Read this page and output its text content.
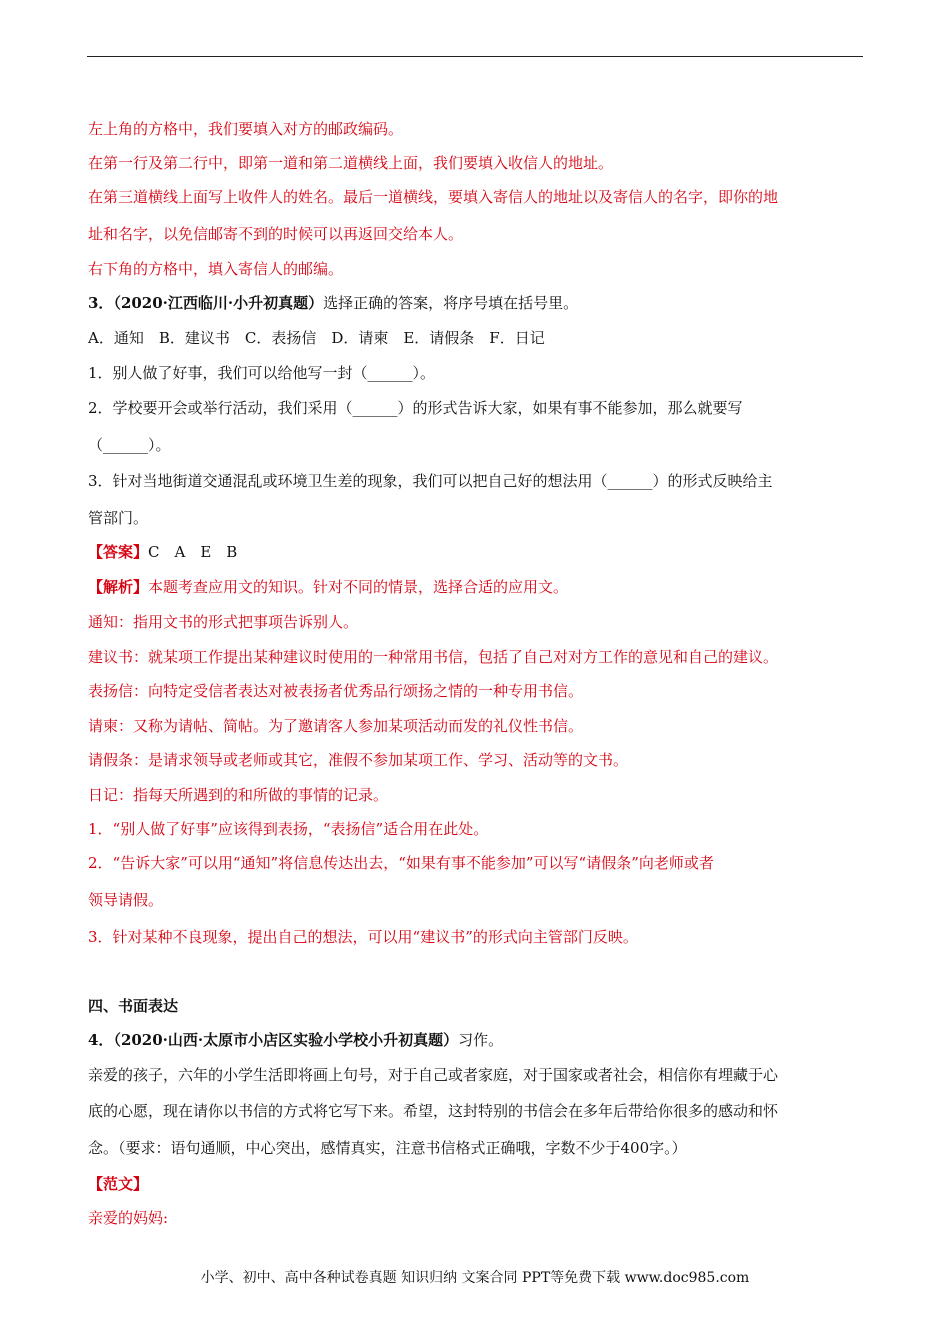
左上角的方格中，我们要填入对方的邮政编码。
在第一行及第二行中，即第一道和第二道横线上面，我们要填入收信人的地址。
在第三道横线上面写上收件人的姓名。最后一道横线，要填入寄信人的地址以及寄信人的名字，即你的地
址和名字，以免信邮寄不到的时候可以再返回交给本人。
右下角的方格中，填入寄信人的邮编。
3．（2020·江西临川·小升初真题）选择正确的答案，将序号填在括号里。
A．通知　B．建议书　C．表扬信　D．请柬　E．请假条　F．日记
1．别人做了好事，我们可以给他写一封（______）。
2．学校要开会或举行活动，我们采用（______）的形式告诉大家，如果有事不能参加，那么就要写
（______）。
3．针对当地街道交通混乱或环境卫生差的现象，我们可以把自己好的想法用（______）的形式反映给主
管部门。
【答案】C　A　E　B
【解析】本题考查应用文的知识。针对不同的情景，选择合适的应用文。
通知：指用文书的形式把事项告诉别人。
建议书：就某项工作提出某种建议时使用的一种常用书信，包括了自己对对方工作的意见和自己的建议。
表扬信：向特定受信者表达对被表扬者优秀品行颂扬之情的一种专用书信。
请柬：又称为请帖、简帖。为了邀请客人参加某项活动而发的礼仪性书信。
请假条：是请求领导或老师或其它，准假不参加某项工作、学习、活动等的文书。
日记：指每天所遇到的和所做的事情的记录。
1．“别人做了好事”应该得到表扬，“表扬信”适合用在此处。
2．“告诉大家”可以用“通知”将信息传达出去，“如果有事不能参加”可以写“请假条”向老师或者
领导请假。
3．针对某种不良现象，提出自己的想法，可以用“建议书”的形式向主管部门反映。
四、书面表达
4．（2020·山西·太原市小店区实验小学校小升初真题）习作。
亲爱的孩子，六年的小学生活即将画上句号，对于自己或者家庭，对于国家或者社会，相信你有埋藏于心
底的心愿，现在请你以书信的方式将它写下来。希望，这封特别的书信会在多年后带给你很多的感动和怀
念。（要求：语句通顺，中心突出，感情真实，注意书信格式正确哦，字数不少于400字。）
【范文】
亲爱的妈妈:
小学、初中、高中各种试卷真题 知识归纳 文案合同 PPT等免费下载 www.doc985.com
